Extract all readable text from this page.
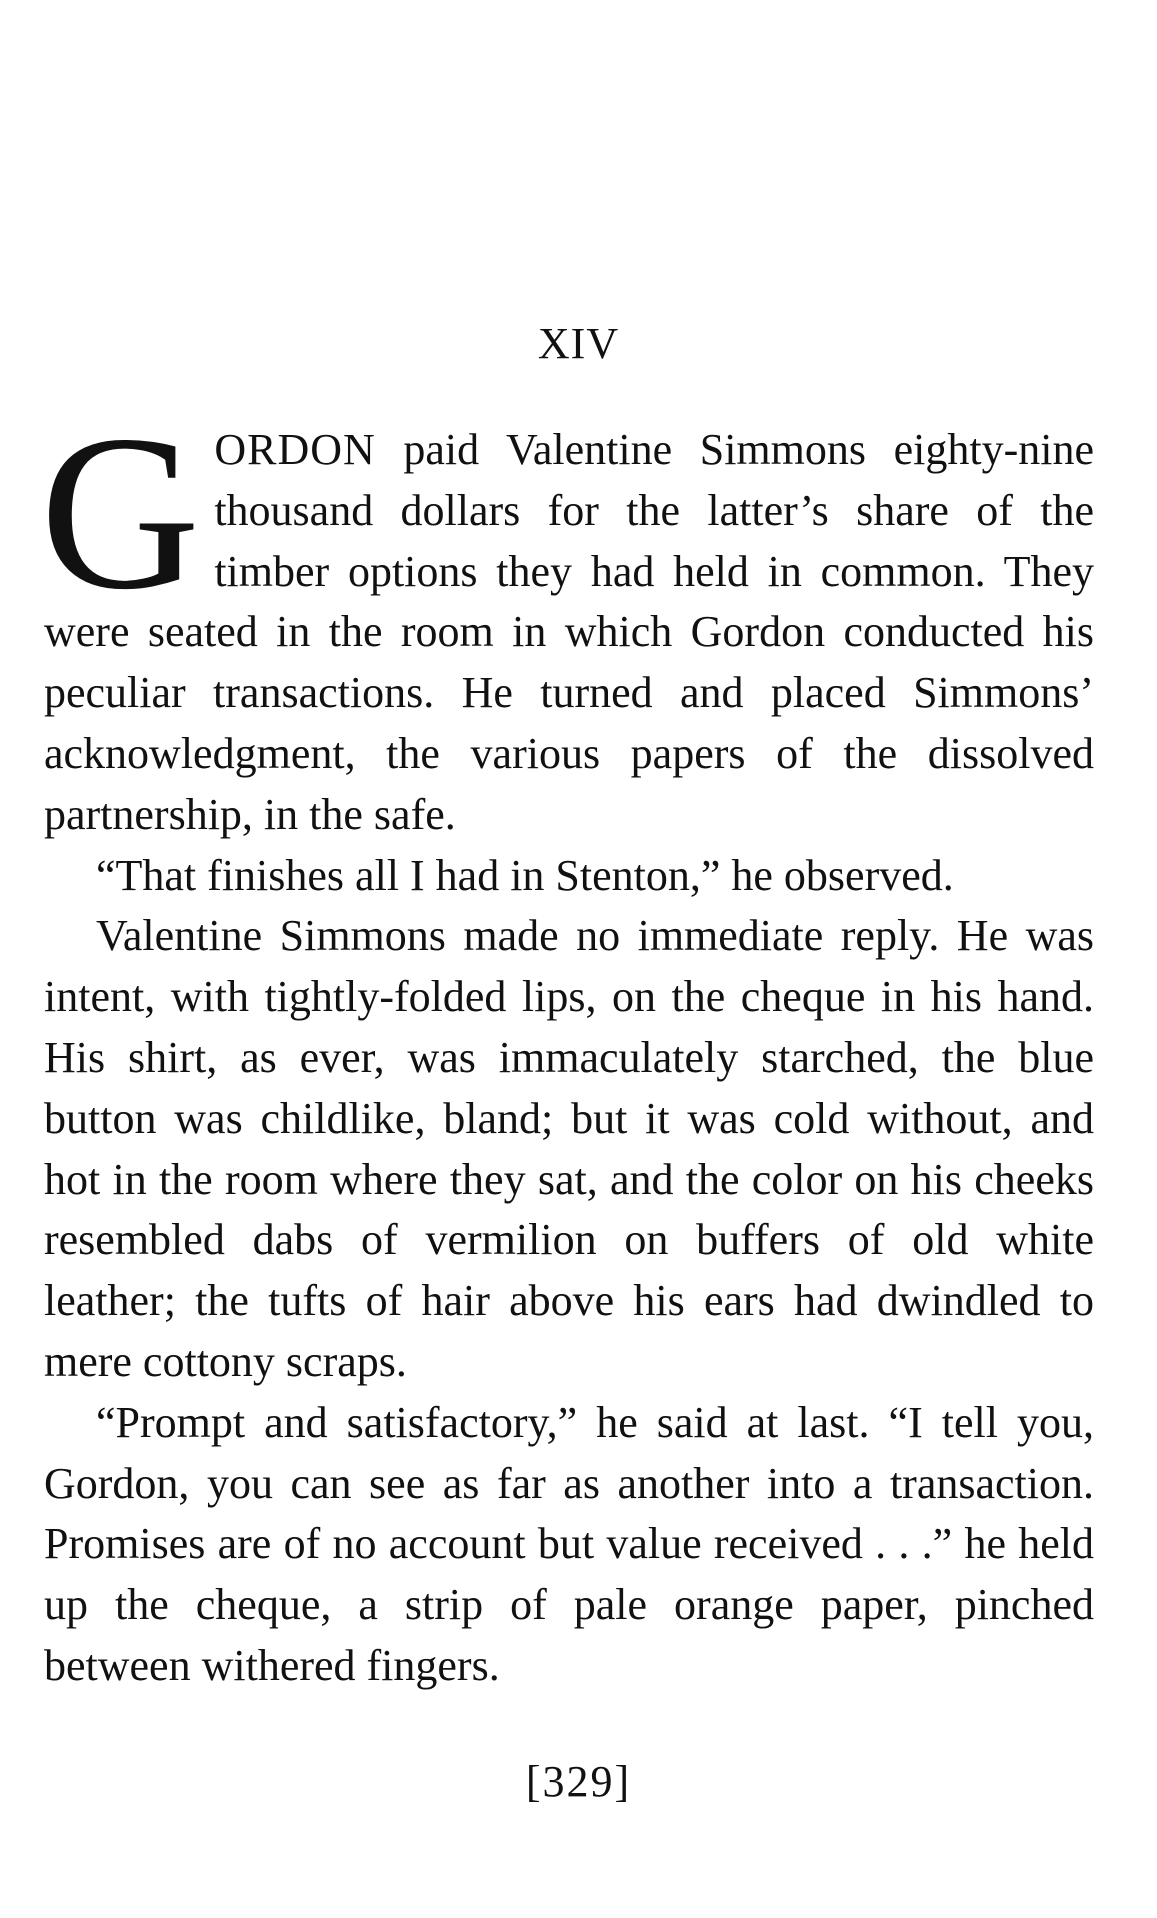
XIV

GORDON paid Valentine Simmons eighty-nine thousand dollars for the latter’s share of the timber options they had held in common. They were seated in the room in which Gordon conducted his peculiar transactions. He turned and placed Simmons’ acknowledgment, the various papers of the dissolved partnership, in the safe.

“That finishes all I had in Stenton,” he observed.

Valentine Simmons made no immediate reply. He was intent, with tightly-folded lips, on the cheque in his hand. His shirt, as ever, was immaculately starched, the blue button was childlike, bland; but it was cold without, and hot in the room where they sat, and the color on his cheeks resembled dabs of vermilion on buffers of old white leather; the tufts of hair above his ears had dwindled to mere cottony scraps.

“Prompt and satisfactory,” he said at last. “I tell you, Gordon, you can see as far as another into a transaction. Promises are of no account but value received . . .” he held up the cheque, a strip of pale orange paper, pinched between withered fingers.

[329]
